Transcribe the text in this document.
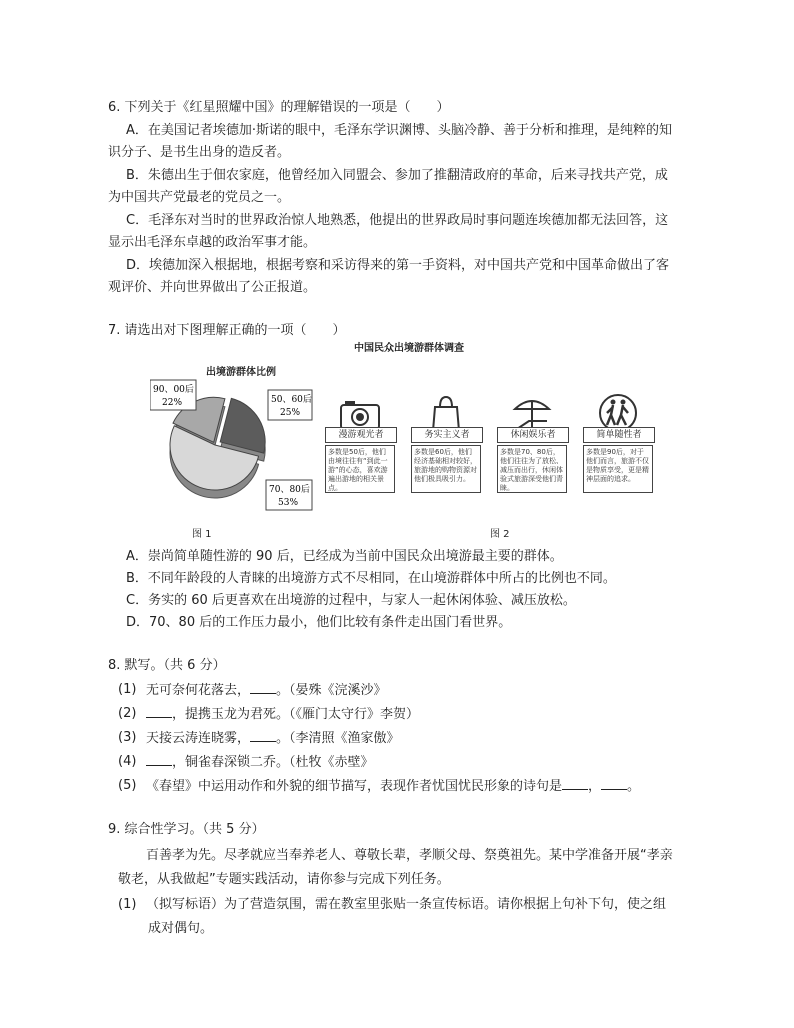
6. 下列关于《红星照耀中国》的理解错误的一项是（　　）
A．在美国记者埃德加·斯诺的眼中，毛泽东学识渊博、头脑冷静、善于分析和推理，是纯粹的知
识分子、是书生出身的造反者。
B．朱德出生于佃农家庭，他曾经加入同盟会、参加了推翻清政府的革命，后来寻找共产党，成
为中国共产党最老的党员之一。
C．毛泽东对当时的世界政治惊人地熟悉，他提出的世界政局时事问题连埃德加都无法回答，这
显示出毛泽东卓越的政治军事才能。
D．埃德加深入根据地，根据考察和采访得来的第一手资料，对中国共产党和中国革命做出了客
观评价、并向世界做出了公正报道。
7. 请选出对下图理解正确的一项（　　）
出境游群体比例
90、00后
22%	50、60后
25%
70、80后
53%
图 1
中国民众出境游群体调查
漫游观光者
多数是50后，他们由境往往有“到此一游”的心态，喜欢游遍出游地的相关景点。
务实主义者
多数是60后，他们经济基础相对较好，旅游地的购物资源对他们极具吸引力。
休闲娱乐者
多数是70、80后，他们往往为了放松、减压而出行，休闲体验式旅游深受他们青睐。
简单随性者
多数是90后，对于他们而言，旅游不仅是物质享受，更是精神层面的追求。
图 2
A．崇尚简单随性游的 90 后，已经成为当前中国民众出境游最主要的群体。
B．不同年龄段的人青睐的出境游方式不尽相同，在山境游群体中所占的比例也不同。
C．务实的 60 后更喜欢在出境游的过程中，与家人一起休闲体验、减压放松。
D．70、80 后的工作压力最小，他们比较有条件走出国门看世界。
8. 默写。（共 6 分）
(1) 无可奈何花落去， 。（晏殊《浣溪沙》
(2)	，提携玉龙为君死。（《雁门太守行》李贺）
(3) 天接云涛连晓雾， 。（李清照《渔家傲》
(4)	，铜雀春深锁二乔。（杜牧《赤壁》
(5) 《春望》中运用动作和外貌的细节描写，表现作者忧国忧民形象的诗句是 ， 。
9. 综合性学习。（共 5 分）
百善孝为先。尽孝就应当奉养老人、尊敬长辈，孝顺父母、祭奠祖先。某中学准备开展“孝亲
敬老，从我做起”专题实践活动，请你参与完成下列任务。
(1) （拟写标语）为了营造氛围，需在教室里张贴一条宣传标语。请你根据上句补下句，使之组
成对偶句。
